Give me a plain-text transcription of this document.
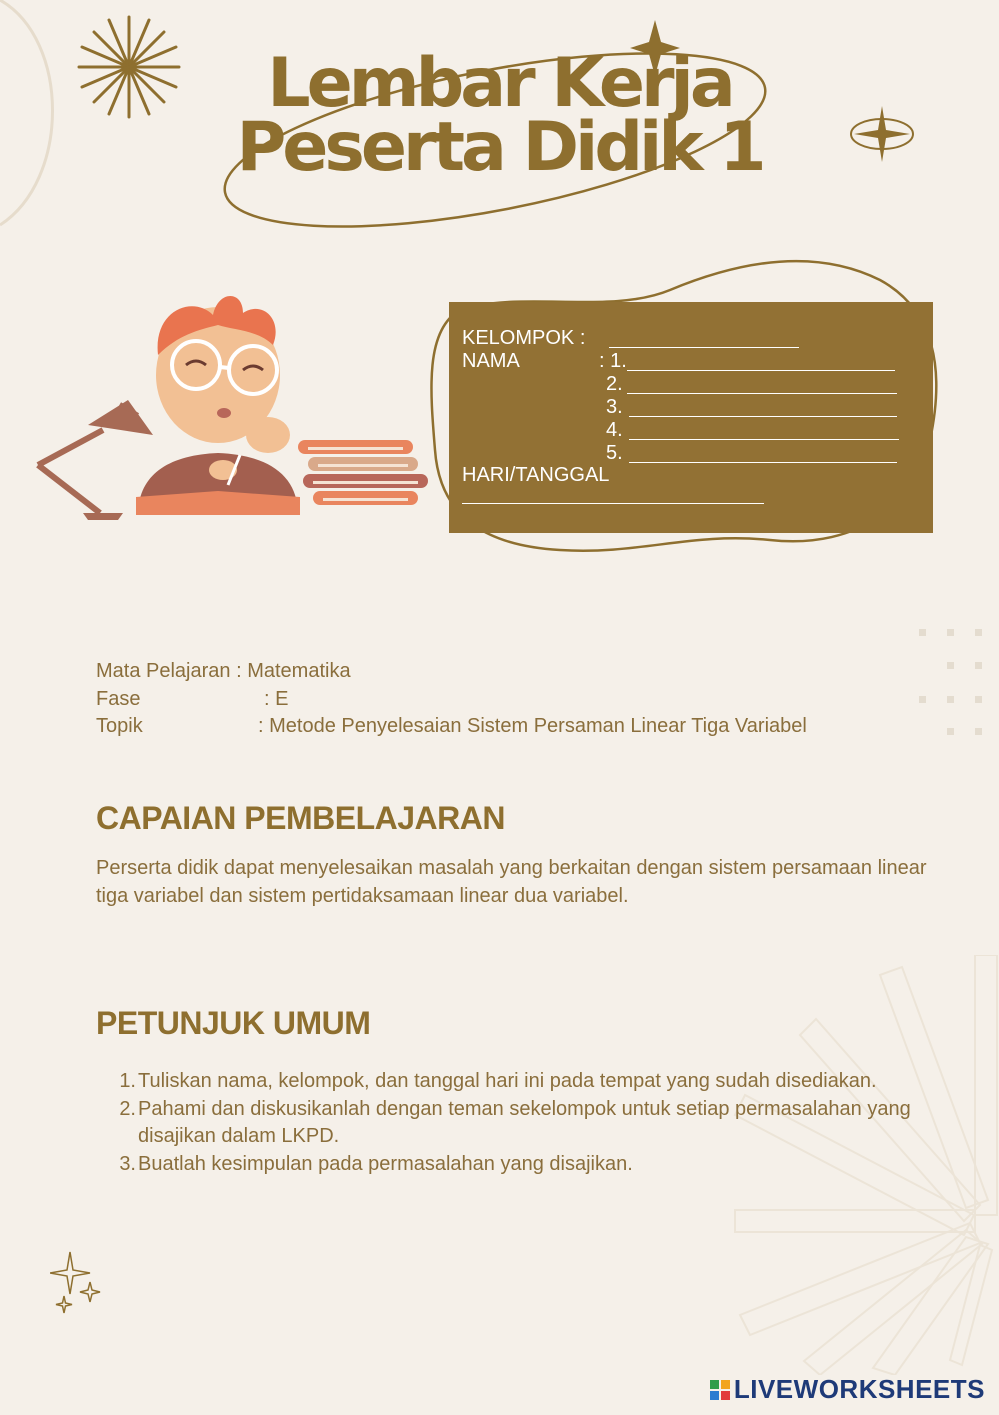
Lembar Kerja
Peserta Didik 1
KELOMPOK :
NAMA	: 1.
2.
3.
4.
5.
HARI/TANGGAL
Mata Pelajaran : Matematika
Fase	: E
Topik	: Metode Penyelesaian Sistem Persaman Linear Tiga Variabel
CAPAIAN PEMBELAJARAN
Perserta didik dapat menyelesaikan masalah yang berkaitan dengan sistem persamaan linear tiga variabel dan sistem pertidaksamaan linear dua variabel.
PETUNJUK UMUM
1. Tuliskan nama, kelompok, dan tanggal hari ini pada tempat yang sudah disediakan.
2. Pahami dan diskusikanlah dengan teman sekelompok untuk setiap permasalahan yang disajikan dalam LKPD.
3. Buatlah kesimpulan pada permasalahan yang disajikan.
LIVEWORKSHEETS
